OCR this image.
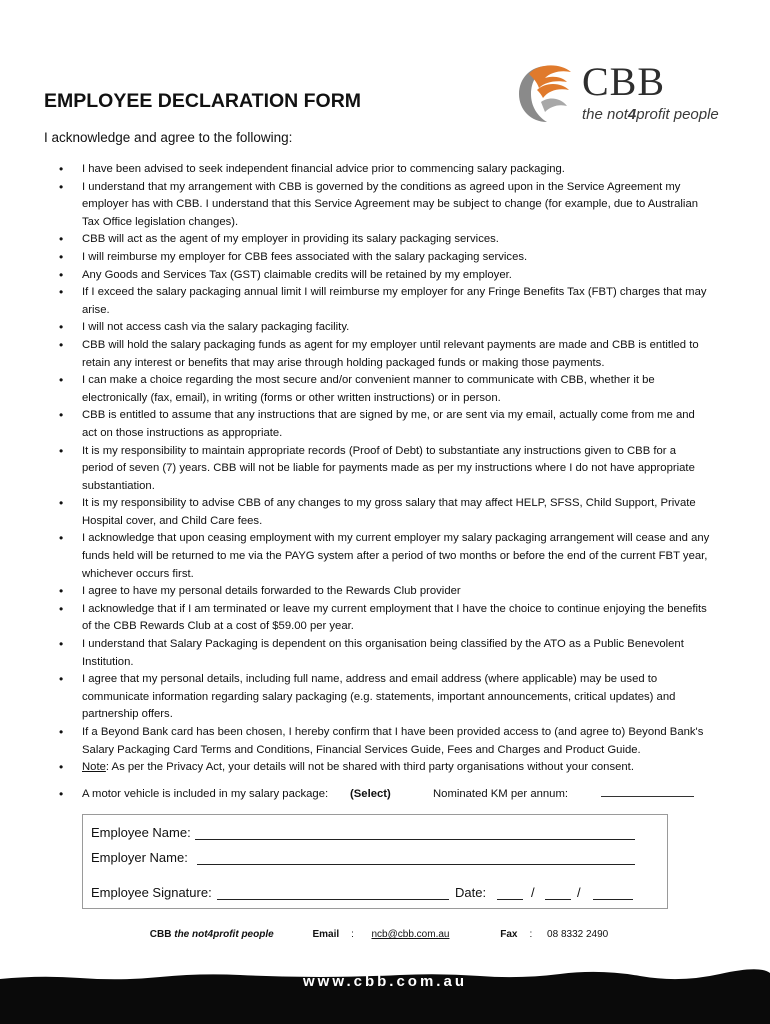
CBB
the not4profit people
EMPLOYEE DECLARATION FORM
I acknowledge and agree to the following:
• I have been advised to seek independent financial advice prior to commencing salary packaging.
• I understand that my arrangement with CBB is governed by the conditions as agreed upon in the Service Agreement my employer has with CBB. I understand that this Service Agreement may be subject to change (for example, due to Australian Tax Office legislation changes).
• CBB will act as the agent of my employer in providing its salary packaging services.
• I will reimburse my employer for CBB fees associated with the salary packaging services.
• Any Goods and Services Tax (GST) claimable credits will be retained by my employer.
• If I exceed the salary packaging annual limit I will reimburse my employer for any Fringe Benefits Tax (FBT) charges that may arise.
• I will not access cash via the salary packaging facility.
• CBB will hold the salary packaging funds as agent for my employer until relevant payments are made and CBB is entitled to retain any interest or benefits that may arise through holding packaged funds or making those payments.
• I can make a choice regarding the most secure and/or convenient manner to communicate with CBB, whether it be electronically (fax, email), in writing (forms or other written instructions) or in person.
• CBB is entitled to assume that any instructions that are signed by me, or are sent via my email, actually come from me and act on those instructions as appropriate.
• It is my responsibility to maintain appropriate records (Proof of Debt) to substantiate any instructions given to CBB for a period of seven (7) years. CBB will not be liable for payments made as per my instructions where I do not have appropriate substantiation.
• It is my responsibility to advise CBB of any changes to my gross salary that may affect HELP, SFSS, Child Support, Private Hospital cover, and Child Care fees.
• I acknowledge that upon ceasing employment with my current employer my salary packaging arrangement will cease and any funds held will be returned to me via the PAYG system after a period of two months or before the end of the current FBT year, whichever occurs first.
• I agree to have my personal details forwarded to the Rewards Club provider
• I acknowledge that if I am terminated or leave my current employment that I have the choice to continue enjoying the benefits of the CBB Rewards Club at a cost of $59.00 per year.
• I understand that Salary Packaging is dependent on this organisation being classified by the ATO as a Public Benevolent Institution.
• I agree that my personal details, including full name, address and email address (where applicable) may be used to communicate information regarding salary packaging (e.g. statements, important announcements, critical updates) and partnership offers.
• If a Beyond Bank card has been chosen, I hereby confirm that I have been provided access to (and agree to) Beyond Bank's Salary Packaging Card Terms and Conditions, Financial Services Guide, Fees and Charges and Product Guide.
• Note: As per the Privacy Act, your details will not be shared with third party organisations without your consent.
• A motor vehicle is included in my salary package: (Select)	Nominated KM per annum:
Employee Name:
Employer Name:
Employee Signature:	Date:	/	/
CBB the not4profit people	Email :  ncb@cbb.com.au	Fax : 08 8332 2490
www.cbb.com.au
